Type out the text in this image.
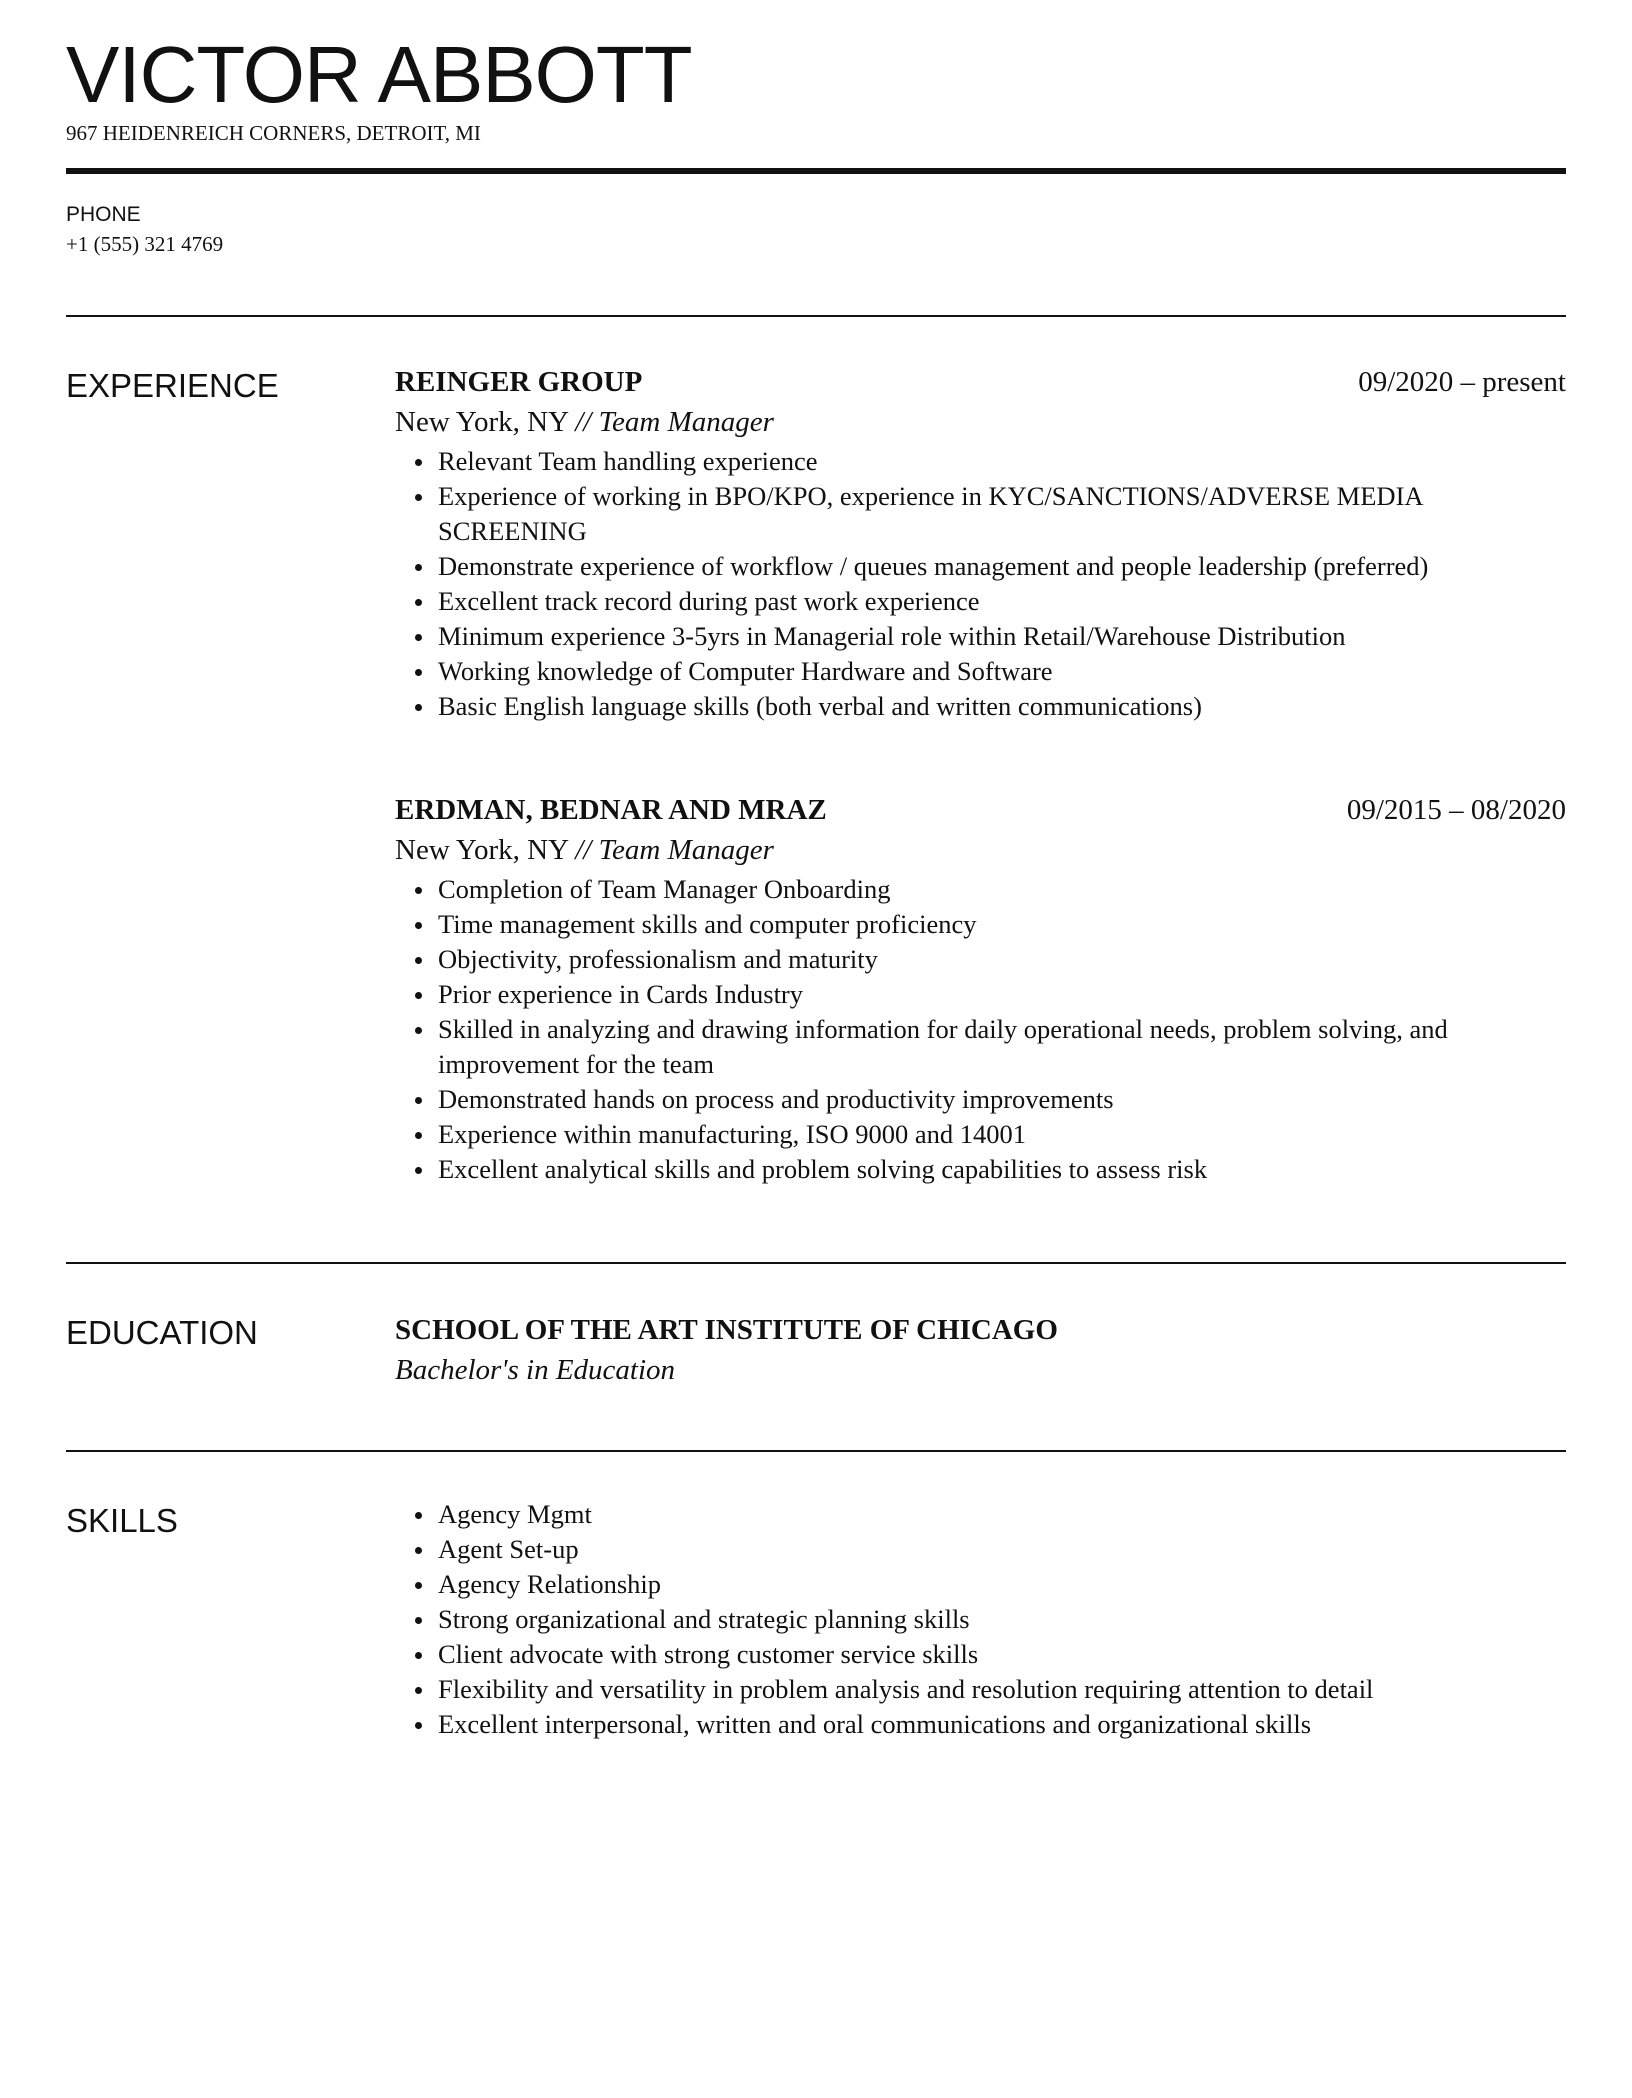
VICTOR ABBOTT
967 HEIDENREICH CORNERS, DETROIT, MI
PHONE
+1 (555) 321 4769
EXPERIENCE	REINGER GROUP	09/2020 – present
New York, NY // Team Manager
Relevant Team handling experience
Experience of working in BPO/KPO, experience in KYC/SANCTIONS/ADVERSE MEDIA SCREENING
Demonstrate experience of workflow / queues management and people leadership (preferred)
Excellent track record during past work experience
Minimum experience 3-5yrs in Managerial role within Retail/Warehouse Distribution
Working knowledge of Computer Hardware and Software
Basic English language skills (both verbal and written communications)
ERDMAN, BEDNAR AND MRAZ	09/2015 – 08/2020
New York, NY // Team Manager
Completion of Team Manager Onboarding
Time management skills and computer proficiency
Objectivity, professionalism and maturity
Prior experience in Cards Industry
Skilled in analyzing and drawing information for daily operational needs, problem solving, and improvement for the team
Demonstrated hands on process and productivity improvements
Experience within manufacturing, ISO 9000 and 14001
Excellent analytical skills and problem solving capabilities to assess risk
EDUCATION	SCHOOL OF THE ART INSTITUTE OF CHICAGO
Bachelor's in Education
SKILLS	Agency Mgmt
Agent Set-up
Agency Relationship
Strong organizational and strategic planning skills
Client advocate with strong customer service skills
Flexibility and versatility in problem analysis and resolution requiring attention to detail
Excellent interpersonal, written and oral communications and organizational skills
